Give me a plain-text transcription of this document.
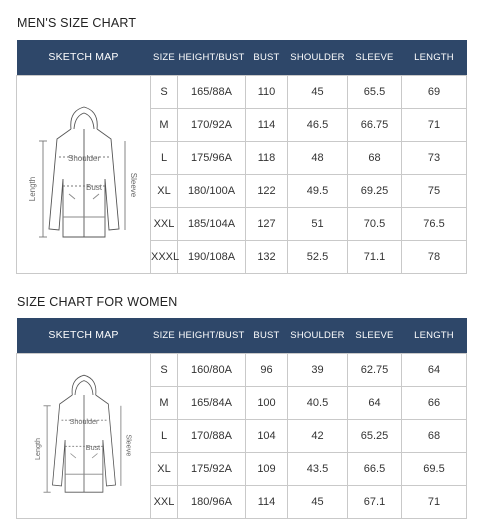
MEN'S SIZE CHART
SKETCH MAP	SIZE	HEIGHT/BUST	BUST	SHOULDER	SLEEVE	LENGTH

Shoulder
Bust
Length Sleeve	S	165/88A	110	45	65.5	69
	M	170/92A	114	46.5	66.75	71
	L	175/96A	118	48	68	73
	XL	180/100A	122	49.5	69.25	75
	XXL	185/104A	127	51	70.5	76.5
	XXXL	190/108A	132	52.5	71.1	78
SIZE CHART FOR WOMEN
SKETCH MAP	SIZE	HEIGHT/BUST	BUST	SHOULDER	SLEEVE	LENGTH

Shoulder
Bust
Length Sleeve	S	160/80A	96	39	62.75	64
	M	165/84A	100	40.5	64	66
	L	170/88A	104	42	65.25	68
	XL	175/92A	109	43.5	66.5	69.5
	XXL	180/96A	114	45	67.1	71
